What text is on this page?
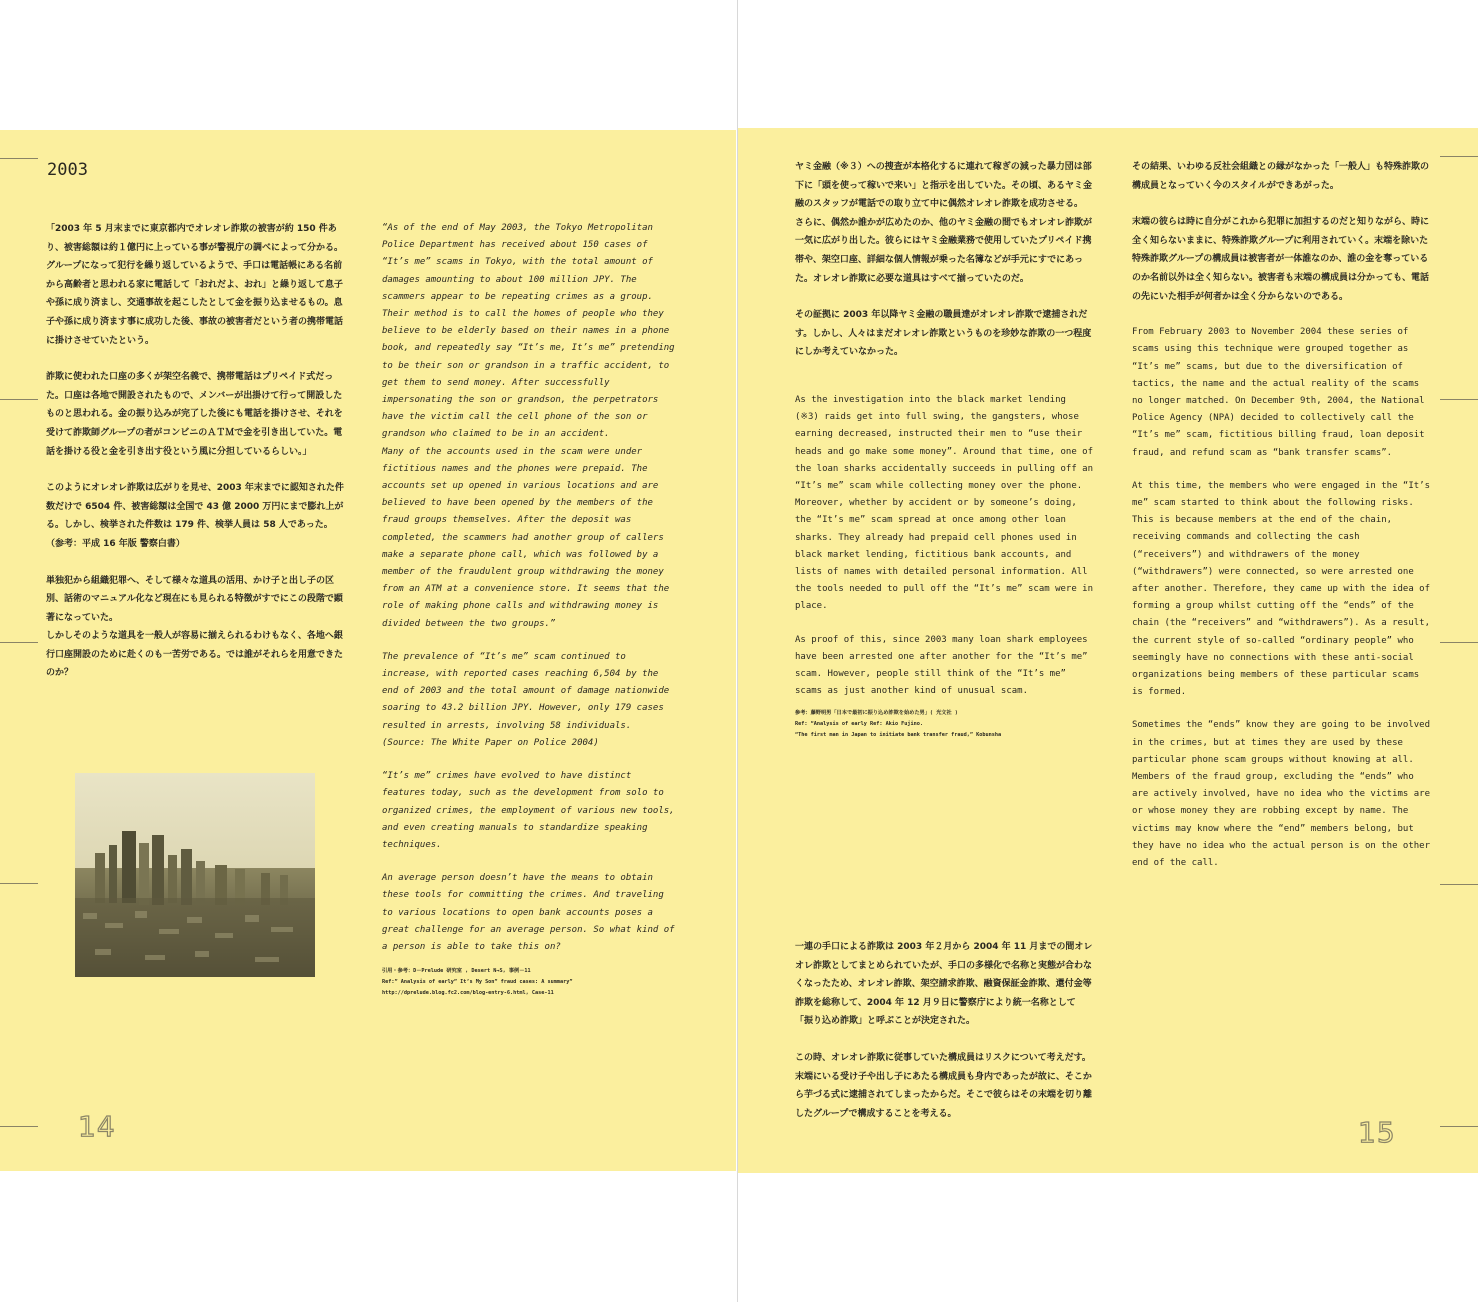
2003

「2003 年 5 月末までに東京都内でオレオレ詐欺の被害が約 150 件あり、被害総額は約１億円に上っている事が警視庁の調べによって分かる。グループになって犯行を繰り返しているようで、手口は電話帳にある名前から高齢者と思われる家に電話して「おれだよ、おれ」と繰り返して息子や孫に成り済まし、交通事故を起こしたとして金を振り込ませるもの。息子や孫に成り済ます事に成功した後、事故の被害者だという者の携帯電話に掛けさせていたという。

詐欺に使われた口座の多くが架空名義で、携帯電話はプリペイド式だった。口座は各地で開設されたもので、メンバーが出掛けて行って開設したものと思われる。金の振り込みが完了した後にも電話を掛けさせ、それを受けて詐欺師グループの者がコンビニのＡＴＭで金を引き出していた。電話を掛ける役と金を引き出す役という風に分担しているらしい。」

このようにオレオレ詐欺は広がりを見せ、2003 年末までに認知された件数だけで 6504 件、被害総額は全国で 43 億 2000 万円にまで膨れ上がる。しかし、検挙された件数は 179 件、検挙人員は 58 人であった。（参考：平成 16 年版 警察白書）

単独犯から組織犯罪へ、そして様々な道具の活用、かけ子と出し子の区別、話術のマニュアル化など現在にも見られる特徴がすでにこの段階で顕著になっていた。
しかしそのような道具を一般人が容易に揃えられるわけもなく、各地へ銀行口座開設のために赴くのも一苦労である。では誰がそれらを用意できたのか？

“As of the end of May 2003, the Tokyo Metropolitan Police Department has received about 150 cases of “It’s me” scams in Tokyo, with the total amount of damages amounting to about 100 million JPY. The scammers appear to be repeating crimes as a group. Their method is to call the homes of people who they believe to be elderly based on their names in a phone book, and repeatedly say “It’s me, It’s me” pretending to be their son or grandson in a traffic accident, to get them to send money. After successfully impersonating the son or grandson, the perpetrators have the victim call the cell phone of the son or grandson who claimed to be in an accident.
Many of the accounts used in the scam were under fictitious names and the phones were prepaid. The accounts set up opened in various locations and are believed to have been opened by the members of the fraud groups themselves. After the deposit was completed, the scammers had another group of callers make a separate phone call, which was followed by a member of the fraudulent group withdrawing the money from an ATM at a convenience store. It seems that the role of making phone calls and withdrawing money is divided between the two groups.”

The prevalence of “It’s me” scam continued to increase, with reported cases reaching 6,504 by the end of 2003 and the total amount of damage nationwide soaring to 43.2 billion JPY. However, only 179 cases resulted in arrests, involving 58 individuals. (Source: The White Paper on Police 2004)

“It’s me” crimes have evolved to have distinct features today, such as the development from solo to organized crimes, the employment of various new tools, and even creating manuals to standardize speaking techniques.

An average person doesn’t have the means to obtain these tools for committing the crimes. And traveling to various locations to open bank accounts poses a great challenge for an average person. So what kind of a person is able to take this on?

引用・参考：D－Prelude 研究室 , Desert N→S, 事例－11
Ref:” Analysis of early” It’s My Son” fraud cases: A summary”
http://dprelude.blog.fc2.com/blog-entry-6.html, Case-11
14

ヤミ金融（※３）への捜査が本格化するに連れて稼ぎの減った暴力団は部下に「頭を使って稼いで来い」と指示を出していた。その頃、あるヤミ金融のスタッフが電話での取り立て中に偶然オレオレ詐欺を成功させる。
さらに、偶然か誰かが広めたのか、他のヤミ金融の間でもオレオレ詐欺が一気に広がり出した。彼らにはヤミ金融業務で使用していたプリペイド携帯や、架空口座、詳細な個人情報が乗った名簿などが手元にすでにあった。オレオレ詐欺に必要な道具はすべて揃っていたのだ。

その証拠に 2003 年以降ヤミ金融の職員達がオレオレ詐欺で逮捕されだす。しかし、人々はまだオレオレ詐欺というものを珍妙な詐欺の一つ程度にしか考えていなかった。

As the investigation into the black market lending (※3) raids get into full swing, the gangsters, whose earning decreased, instructed their men to “use their heads and go make some money”. Around that time, one of the loan sharks accidentally succeeds in pulling off an “It’s me” scam while collecting money over the phone.
Moreover, whether by accident or by someone’s doing, the “It’s me” scam spread at once among other loan sharks. They already had prepaid cell phones used in black market lending, fictitious bank accounts, and lists of names with detailed personal information. All the tools needed to pull off the “It’s me” scam were in place.

As proof of this, since 2003 many loan shark employees have been arrested one after another for the “It’s me” scam. However, people still think of the “It’s me” scams as just another kind of unusual scam.

参考：藤野明男「日本で最初に振り込め詐欺を始めた男」( 光文社 )
Ref: “Analysis of early Ref: Akio Fujino.
“The first man in Japan to initiate bank transfer fraud,” Kobunsha

一連の手口による詐欺は 2003 年２月から 2004 年 11 月までの間オレオレ詐欺としてまとめられていたが、手口の多様化で名称と実態が合わなくなったため、オレオレ詐欺、架空請求詐欺、融資保証金詐欺、還付金等詐欺を総称して、2004 年 12 月９日に警察庁により統一名称として「振り込め詐欺」と呼ぶことが決定された。

この時、オレオレ詐欺に従事していた構成員はリスクについて考えだす。末端にいる受け子や出し子にあたる構成員も身内であったが故に、そこから芋づる式に逮捕されてしまったからだ。そこで彼らはその末端を切り離したグループで構成することを考える。

その結果、いわゆる反社会組織との縁がなかった「一般人」も特殊詐欺の構成員となっていく今のスタイルができあがった。

末端の彼らは時に自分がこれから犯罪に加担するのだと知りながら、時に全く知らないままに、特殊詐欺グループに利用されていく。末端を除いた特殊詐欺グループの構成員は被害者が一体誰なのか、誰の金を奪っているのか名前以外は全く知らない。被害者も末端の構成員は分かっても、電話の先にいた相手が何者かは全く分からないのである。

From February 2003 to November 2004 these series of scams using this technique were grouped together as “It’s me” scams, but due to the diversification of tactics, the name and the actual reality of the scams no longer matched. On December 9th, 2004, the National Police Agency (NPA) decided to collectively call the “It’s me” scam, fictitious billing fraud, loan deposit fraud, and refund scam as “bank transfer scams”.

At this time, the members who were engaged in the “It’s me” scam started to think about the following risks. This is because members at the end of the chain, receiving commands and collecting the cash (“receivers”) and withdrawers of the money (“withdrawers”) were connected, so were arrested one after another. Therefore, they came up with the idea of forming a group whilst cutting off the “ends” of the chain (the “receivers” and “withdrawers”). As a result, the current style of so-called “ordinary people” who seemingly have no connections with these anti-social organizations being members of these particular scams is formed.

Sometimes the “ends” know they are going to be involved in the crimes, but at times they are used by these particular phone scam groups without knowing at all. Members of the fraud group, excluding the “ends” who are actively involved, have no idea who the victims are or whose money they are robbing except by name. The victims may know where the “end” members belong, but they have no idea who the actual person is on the other end of the call.

15
